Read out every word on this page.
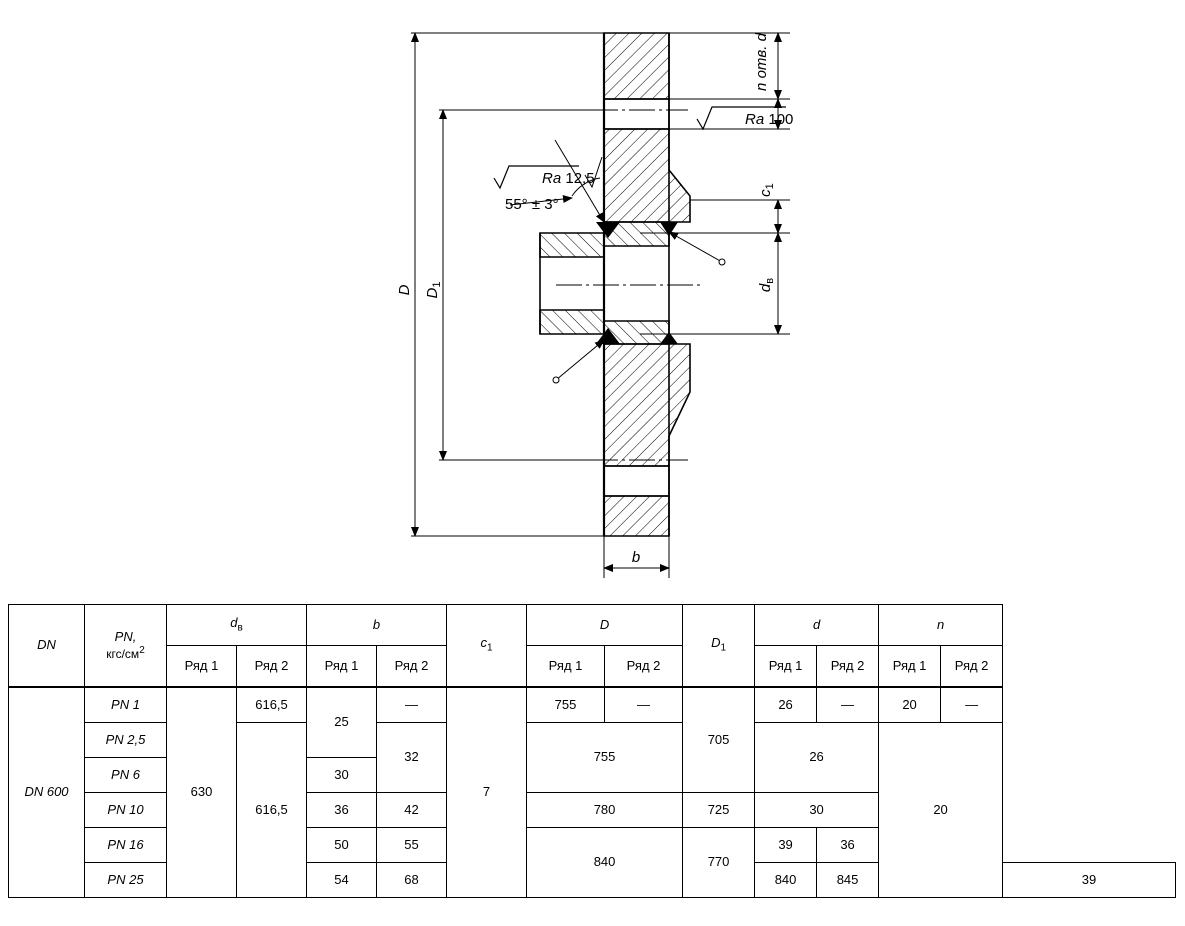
n отв. d
Ra 100
Ra 12,5
55° ± 3°
D $D_1$
$c_1$
$d_в$
b
DN	PN,
кгс/$см^2$	$d_в$		b		$c_1$	D		$D_1$	d		n		
		Ряд 1	Ряд 2	Ряд 1	Ряд 2		Ряд 1	Ряд 2		Ряд 1	Ряд 2	Ряд 1	Ряд 2	
DN 600	PN 1	630	616,5	25	—	7	755	—	705	26	—	20	—	
	PN 2,5		616,5		32		755			26		20		
	PN 6			30										
	PN 10			36	42		780		725	30				
	PN 16			50	55		840		770	39	36			
	PN 25			54	68					840	845			39
